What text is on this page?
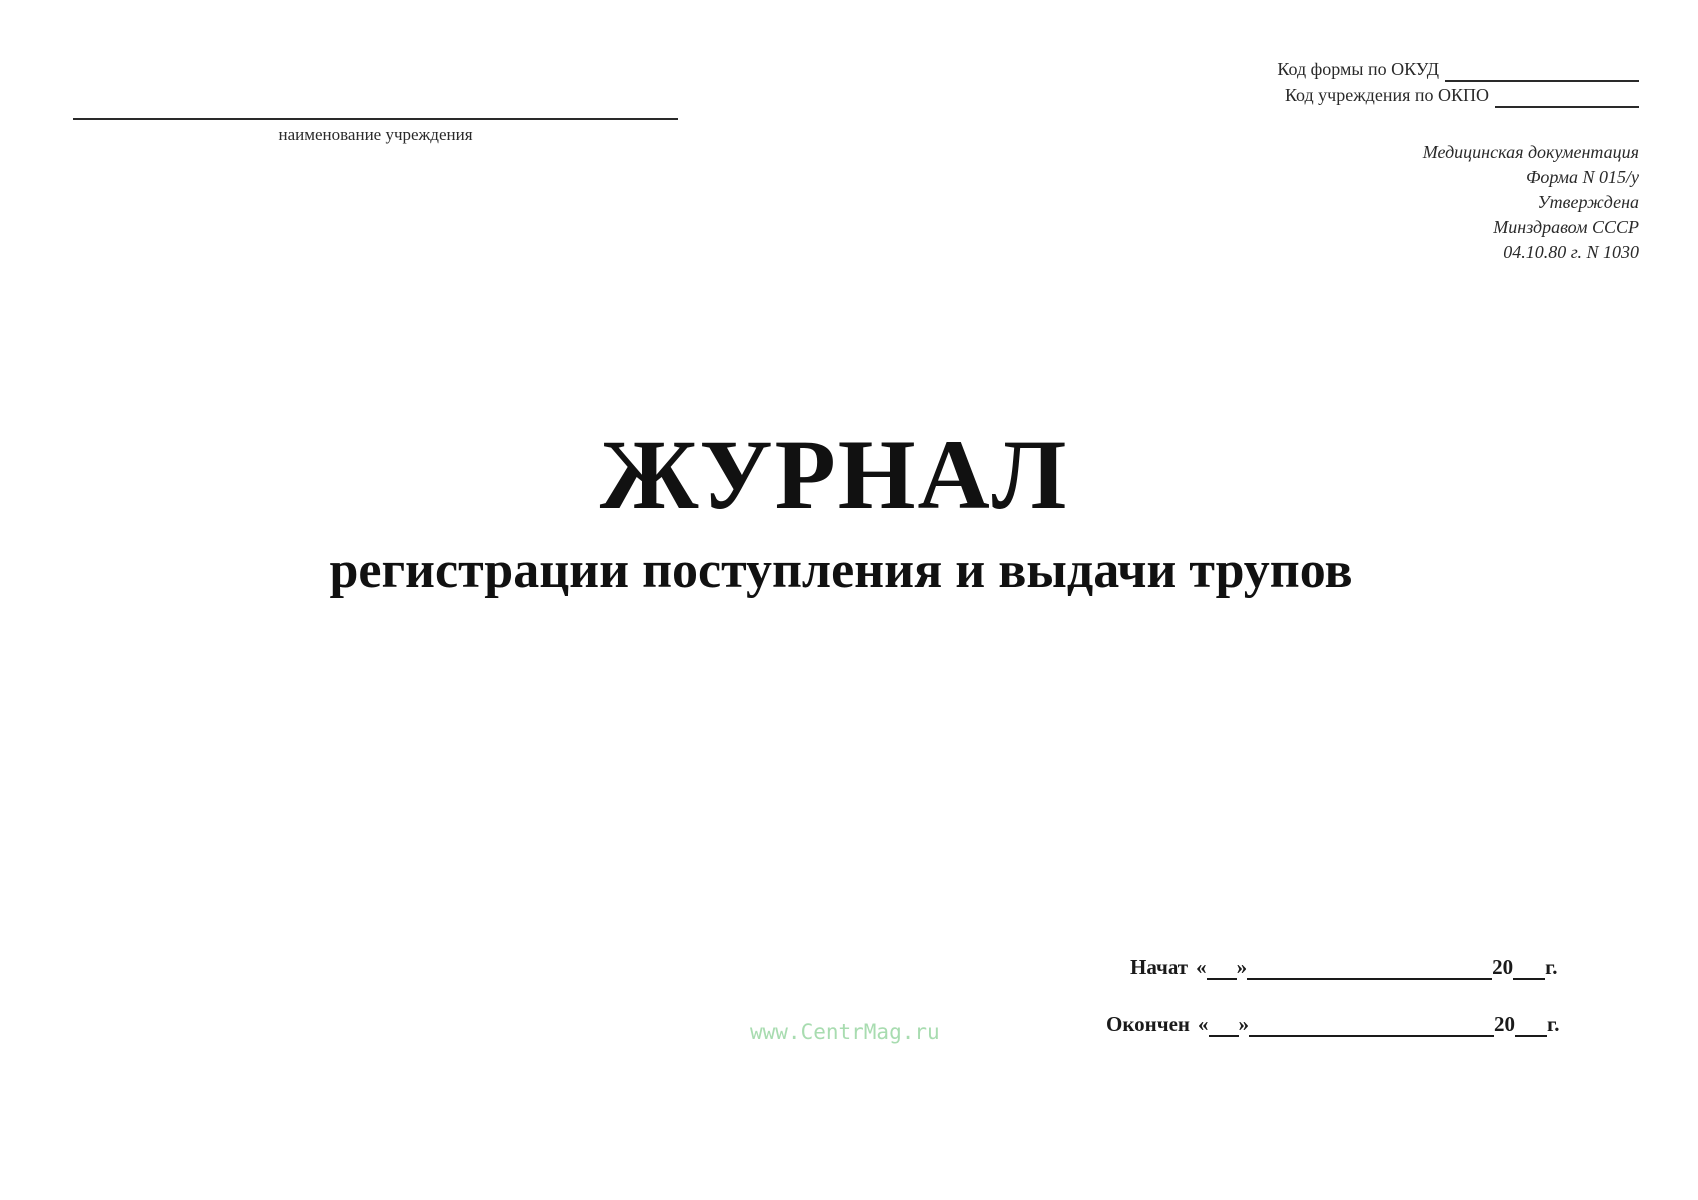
наименование учреждения
Код формы по ОКУД
Код учреждения по ОКПО
Медицинская документация
Форма N 015/у
Утверждена
Минздравом СССР
04.10.80 г. N 1030
ЖУРНАЛ
регистрации поступления и выдачи трупов
www.CentrMag.ru
Начат « »	20 г.
Окончен « »	20 г.
